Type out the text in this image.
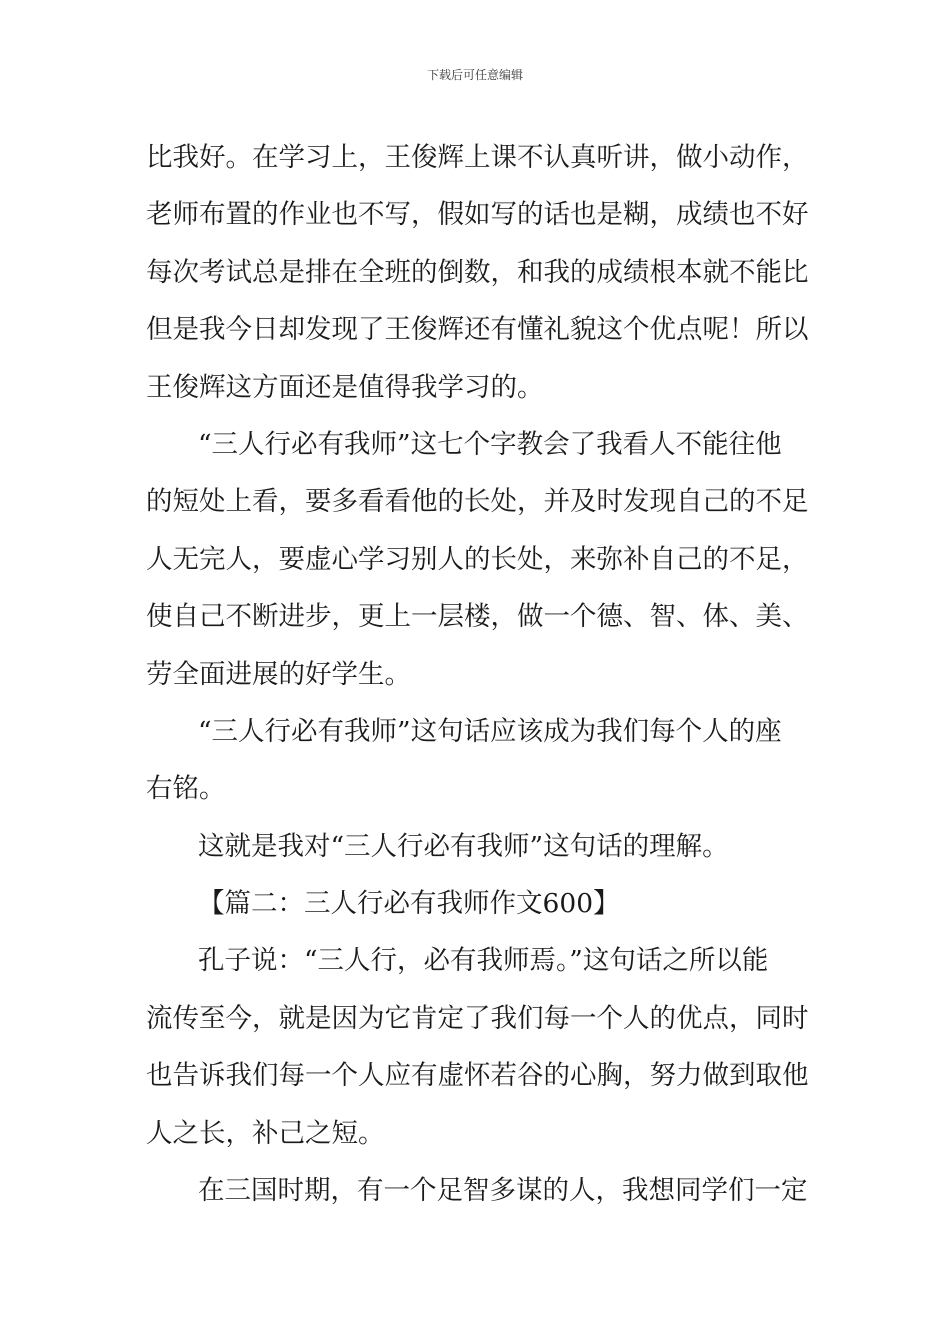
下载后可任意编辑
比我好。在学习上，王俊辉上课不认真听讲，做小动作，
老师布置的作业也不写，假如写的话也是糊，成绩也不好
每次考试总是排在全班的倒数，和我的成绩根本就不能比
但是我今日却发现了王俊辉还有懂礼貌这个优点呢！所以
王俊辉这方面还是值得我学习的。
“三人行必有我师”这七个字教会了我看人不能往他
的短处上看，要多看看他的长处，并及时发现自己的不足
人无完人，要虚心学习别人的长处，来弥补自己的不足，
使自己不断进步，更上一层楼，做一个德、智、体、美、
劳全面进展的好学生。
“三人行必有我师”这句话应该成为我们每个人的座
右铭。
这就是我对“三人行必有我师”这句话的理解。
【篇二：三人行必有我师作文600】
孔子说：“三人行，必有我师焉。”这句话之所以能
流传至今，就是因为它肯定了我们每一个人的优点，同时
也告诉我们每一个人应有虚怀若谷的心胸，努力做到取他
人之长，补己之短。
在三国时期，有一个足智多谋的人，我想同学们一定
